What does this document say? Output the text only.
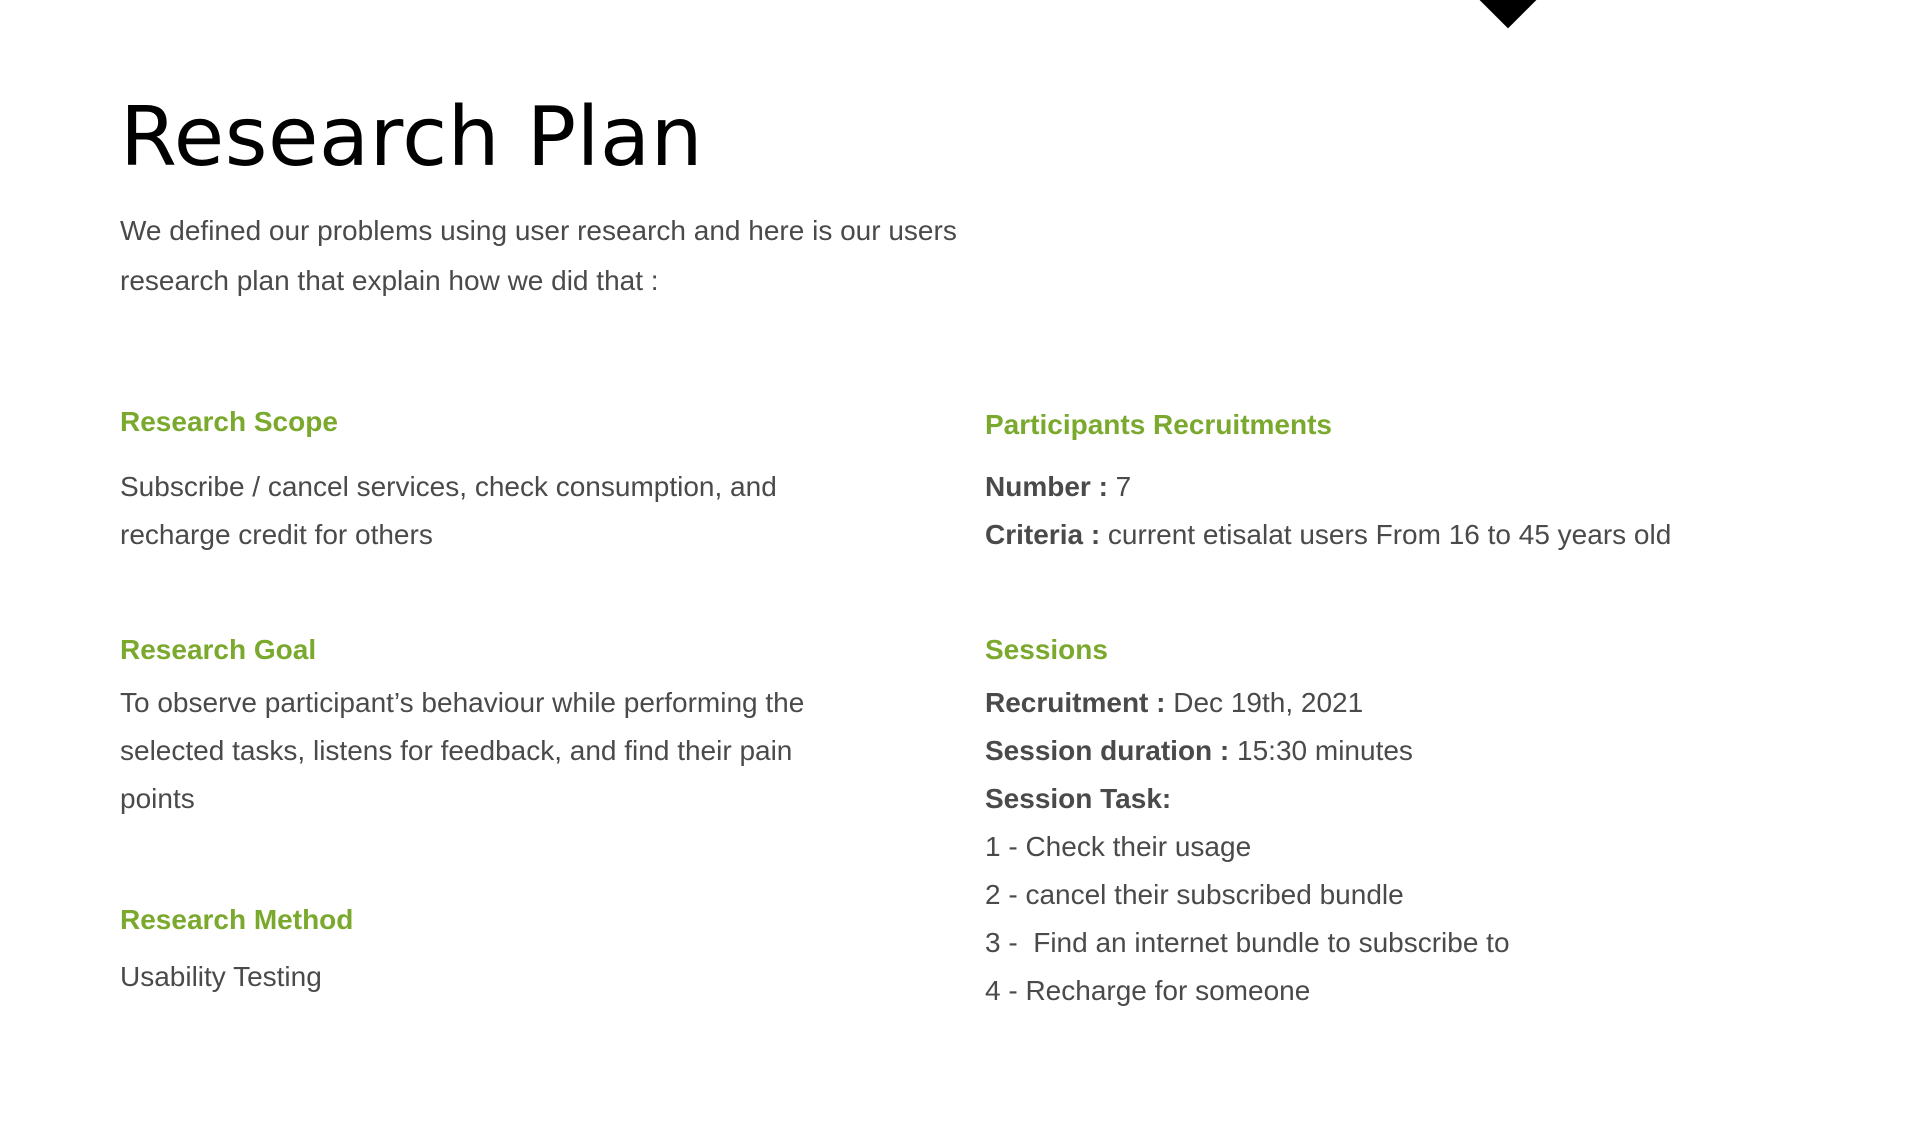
Research Plan

We defined our problems using user research and here is our users
research plan that explain how we did that :

Research Scope

Subscribe / cancel services, check consumption, and
recharge credit for others

Research Goal

To observe participant’s behaviour while performing the
selected tasks, listens for feedback, and find their pain
points

Research Method

Usability Testing

Participants Recruitments

Number : 7
Criteria : current etisalat users From 16 to 45 years old

Sessions

Recruitment : Dec 19th, 2021
Session duration : 15:30 minutes
Session Task:
1 - Check their usage
2 - cancel their subscribed bundle
3 -  Find an internet bundle to subscribe to
4 - Recharge for someone
